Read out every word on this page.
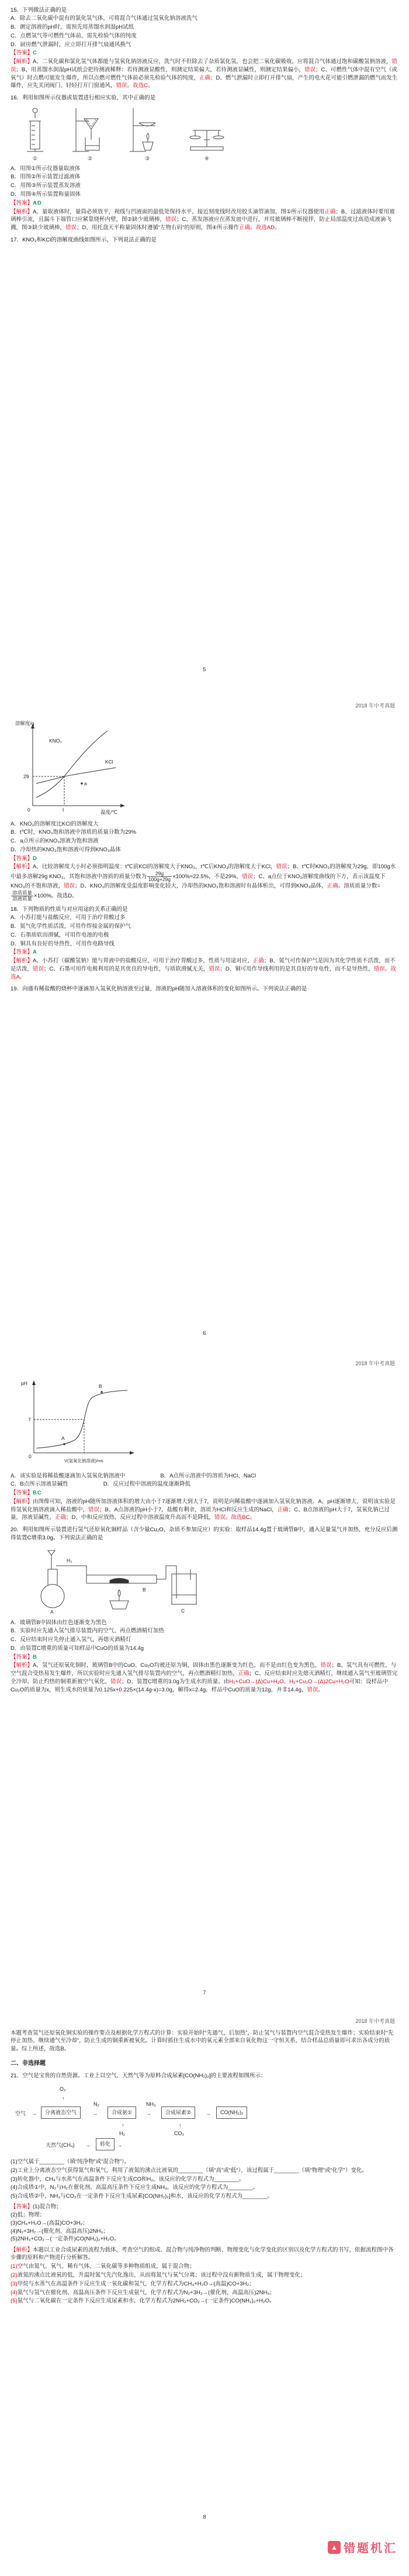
15．下列做法正确的是

A．除去二氧化碳中混有的氯化氢气体，可将混合气体通过氢氧化钠溶液洗气

B．测定溶液的pH时，需预先用蒸馏水润湿pH试纸

C．点燃氢气等可燃性气体前，需先检验气体的纯度

D．厨房燃气泄漏时，应立即打开排气扇通风换气

【答案】C

【解析】A、二氧化碳和氯化氢气体都能与氢氧化钠溶液反应，洗气时不但除去了杂质氯化氢，也会把二氧化碳吸收，应将混合气体通过饱和碳酸氢钠溶液，错误；B、用蒸馏水润湿pH试纸会把待测液稀释：若待测液显酸性，则测定结果偏大，若待测液显碱性，则测定结果偏小，错误；C、可燃性气体中混有空气（或氧气）时点燃可能发生爆炸，所以点燃可燃性气体前必须先检验气体的纯度，正确；D、燃气泄漏时立即打开排气扇，产生的电火花可能引燃泄漏的燃气而发生爆炸，应先关闭阀门、轻轻打开门窗通风，错误。故选C。

16．利用如图所示仪器或装置进行相应实验，其中正确的是

①	②	③	④

A．用图①所示仪器量取液体

B．用图②所示装置过滤液体

C．用图③所示装置蒸发溶液

D．用图④所示装置称量固体

【答案】AD

【解析】A、量取液体时，量筒必须放平，视线与凹液面的最低处保持水平，接近刻度线时改用胶头滴管滴加，图①所示仪器使用正确；B、过滤液体时要用玻璃棒引流，且漏斗下端管口应紧靠烧杯内壁，图②缺少玻璃棒，错误；C、蒸发溶液应在蒸发皿中进行，并用玻璃棒不断搅拌，防止局部温度过高造成液滴飞溅，图③缺少玻璃棒，错误；D、用托盘天平称量固体时遵循“左物右码”的原则，图④所示操作正确。故选AD。

17．KNO₃和KCl的溶解度曲线如图所示，下列说法正确的是

5
2018 年中考真题
溶解度/g
温度/℃
0
KNO₃
KCl
29
t
a

A．KNO₃的溶解度比KCl的溶解度大

B．t℃时，KNO₃饱和溶液中溶质的质量分数为29%

C．a点所示的KNO₃溶液为饱和溶液

D．冷却热的KNO₃饱和溶液可得到KNO₃晶体

【答案】D

【解析】A、比较溶解度大小时必须指明温度：t℃前KCl的溶解度大于KNO₃，t℃后KNO₃的溶解度大于KCl，错误；B、t℃时KNO₃的溶解度为29g，即100g水中最多溶解29g KNO₃，其饱和溶液中溶质的质量分数为 $\frac{29g}{100g+29g} \times 100\%\approx 22.5\%$，不是29%，错误；C、a点位于KNO₃溶解度曲线的下方，表示该温度下KNO₃的不饱和溶液，错误；D、KNO₃的溶解度受温度影响变化较大，冷却热的KNO₃饱和溶液时有晶体析出，可得到KNO₃晶体，正确。溶质质量分数=
$\frac{\text{溶质质量}}{\text{溶液质量}} \times 100\%$。故选D。

18．下列物质的性质与对应用途的关系正确的是

A．小苏打能与盐酸反应，可用于治疗胃酸过多

B．氮气化学性质活泼，可用作焊接金属的保护气

C．石墨质软而滑腻，可用作电池的电极

D．铜具有良好的导热性，可用作电路导线

【答案】A

【解析】A、小苏打（碳酸氢钠）能与胃液中的盐酸反应，可用于治疗胃酸过多，性质与用途对应，正确；B、氮气可作保护气是因为其化学性质不活泼，而不是活泼，错误；C、石墨可用作电极利用的是其优良的导电性，与质软滑腻无关，错误；D、铜可用作导线利用的是其良好的导电性，而不是导热性，错误。故选A。

19．向盛有稀盐酸的烧杯中逐滴加入氢氧化钠溶液至过量，溶液的pH随加入溶液体积的变化如图所示。下列说法正确的是

6
2018 年中考真题
pH
V(氢氧化钠溶液)/mL
0
7
A
B

A．该实验是将稀盐酸逐滴加入氢氧化钠溶液中	B．A点所示溶液中的溶质为HCl、NaCl

C．B点所示溶液显碱性	D．反应过程中溶液的温度逐渐降低

【答案】BC

【解析】由图像可知，溶液的pH随所加溶液体积的增大由小于7逐渐增大到大于7，说明是向稀盐酸中逐滴加入氢氧化钠溶液。A、pH逐渐增大，说明该实验是将氢氧化钠溶液滴入稀盐酸中，错误；B、A点溶液的pH小于7，盐酸有剩余，溶质为HCl和反应生成的NaCl，正确；C、B点溶液的pH大于7，氢氧化钠已过量，溶液显碱性，正确；D、中和反应放热，反应过程中溶液温度升高而不是降低，错误。故选BC。

20．利用如图所示装置进行氢气还原氧化铜样品（含少量Cu₂O，杂质不参加反应）的实验：取样品14.4g置于玻璃管B中，通入足量氢气并加热，充分反应后测得装置C增重3.0g。下列说法正确的是

A
B
C
H₂

A．玻璃管B中固体由红色逐渐变为黑色

B．实验时应先通入氢气排尽装置内的空气，再点燃酒精灯加热

C．反应结束时应先停止通入氢气，再熄灭酒精灯

D．由装置C增重的质量可知样品中CuO的质量为14.4g

【答案】B

【解析】A、氢气还原氧化铜时，玻璃管B中的CuO、Cu₂O均被还原为铜，固体由黑色逐渐变为红色，而不是由红色变为黑色，错误；B、氢气具有可燃性，与空气混合受热易发生爆炸，所以实验时应先通入氢气排尽装置内的空气，再点燃酒精灯加热，正确；C、反应结束时应先熄灭酒精灯，继续通入氢气至玻璃管完全冷却，防止灼热的铜重新被空气氧化，错误；D、装置C增重的3.0g为生成水的质量。由H₂+CuO→(Δ)Cu+H₂O、H₂+Cu₂O→(Δ)2Cu+H₂O可知：设样品中Cu₂O的质量为x，则生成水的质量为0.125x+0.225×(14.4g-x)=3.0g，解得x=2.4g，样品中CuO的质量为12g，并非14.4g，错误。

7
2018 年中考真题

本题考查氢气还原氧化铜实验的操作要点及根据化学方程式的计算：实验开始时“先通气、后加热”，防止氢气与装置内空气混合受热发生爆炸；实验结束时“先停止加热、继续通气至冷却”，防止生成的铜重新被氧化。计算时抓住生成水中的氧元素全部来自氧化物这一守恒关系，结合样品总质量即可求出各成分的质量。综上所述，故选B。

二、非选择题

21．空气是宝贵的自然资源。工业上以空气、天然气等为原料合成尿素[CO(NH₂)₂]的主要流程如图所示：

空气 →	分离液态空气
O₂
↑
N₂
→	合成氨①
NH₃
→	合成尿素②	→	CO(NH₂)₂
↑
H₂
天然气(CH₄) →	转化	→
↑
CO₂

(1)空气属于________（填“纯净物”或“混合物”）。

(2)工业上分离液态空气获得氮气和氧气，利用了液氮的沸点比液氧的________（填“高”或“低”），该过程属于________（填“物理”或“化学”）变化。

(3)转化器中，CH₄与水蒸气在高温条件下反应生成CO和H₂，该反应的化学方程式为________。

(4)合成塔①中，N₂与H₂在催化剂、高温高压条件下反应生成NH₃，该反应的化学方程式为________。

(5)合成塔②中，NH₃与CO₂在一定条件下反应生成尿素[CO(NH₂)₂]和水，该反应的化学方程式为________。

【答案】(1)混合物；

(2)低；物理；

(3)CH₄+H₂O→(高温)CO+3H₂；

(4)N₂+3H₂→(催化剂、高温高压)2NH₃；

(5)2NH₃+CO₂→(一定条件)CO(NH₂)₂+H₂O。

【解析】本题以工业合成尿素的流程为载体，考查空气的组成、混合物与纯净物的判断、物理变化与化学变化的区别以及化学方程式的书写，依据流程图中各步骤的原料和产物进行分析解答。

(1)空气由氮气、氧气、稀有气体、二氧化碳等多种物质组成，属于混合物；

(2)液氮的沸点比液氧的低，升温时氮气先汽化逸出，从而将氮气与氧气分离；该过程中没有新物质生成，属于物理变化；

(3)甲烷与水蒸气在高温条件下反应生成一氧化碳和氢气，化学方程式为CH₄+H₂O→(高温)CO+3H₂；

(4)氮气与氢气在催化剂、高温高压条件下反应生成氨气，化学方程式为N₂+3H₂→(催化剂、高温高压)2NH₃；

(5)氨气与二氧化碳在一定条件下反应生成尿素和水，化学方程式为2NH₃+CO₂→(一定条件)CO(NH₂)₂+H₂O。

8
▲ 错题机汇
